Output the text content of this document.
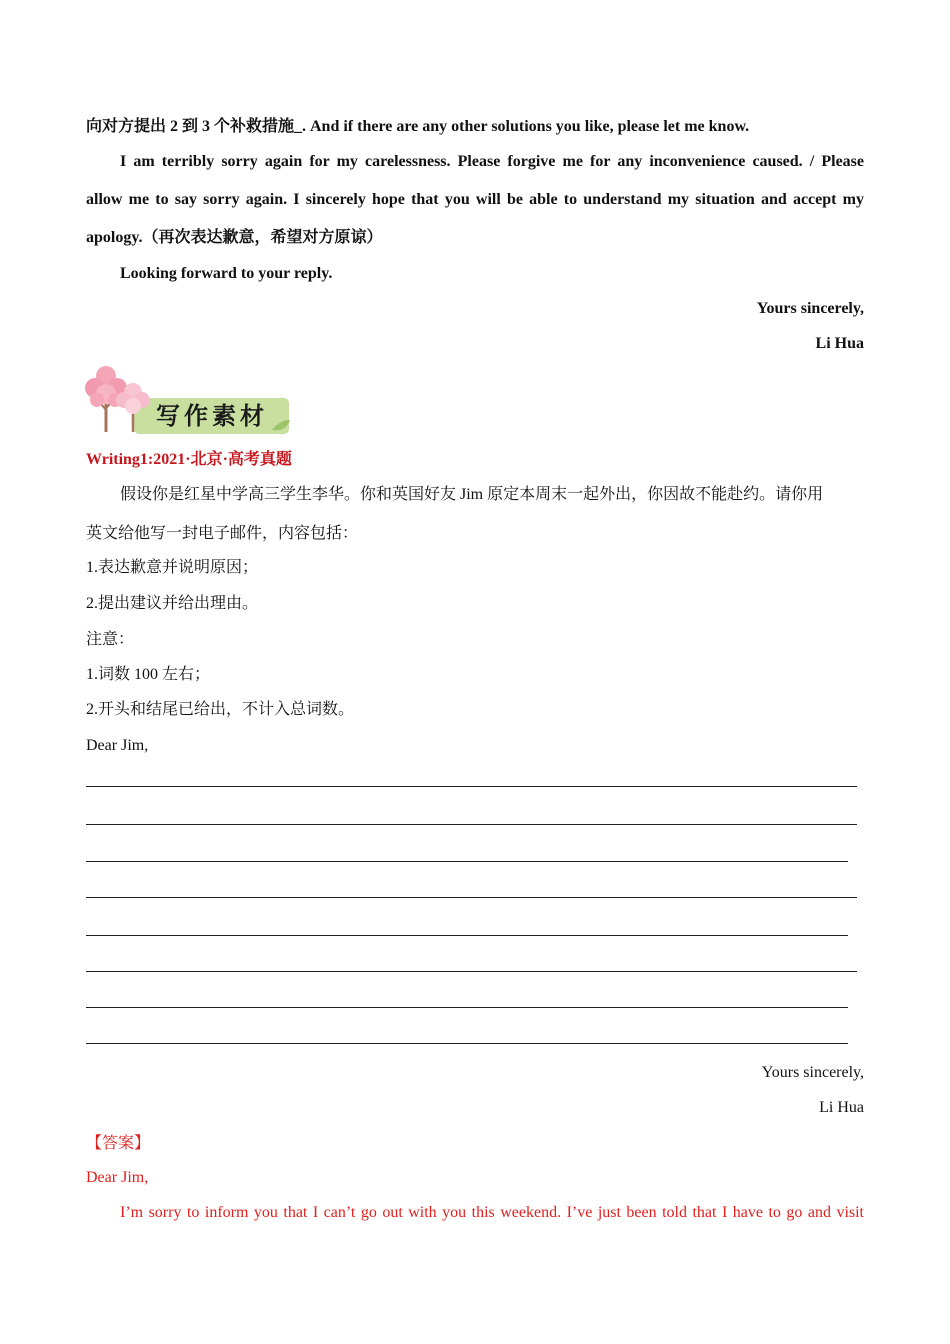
向对方提出 2 到 3 个补救措施_. And if there are any other solutions you like, please let me know.
I am terribly sorry again for my carelessness. Please forgive me for any inconvenience caused. / Please
allow me to say sorry again. I sincerely hope that you will be able to understand my situation and accept my
apology.（再次表达歉意，希望对方原谅）
Looking forward to your reply.
Yours sincerely,
Li Hua
写作素材
Writing1:2021·北京·高考真题
假设你是红星中学高三学生李华。你和英国好友 Jim 原定本周末一起外出，你因故不能赴约。请你用
英文给他写一封电子邮件，内容包括：
1.表达歉意并说明原因；
2.提出建议并给出理由。
注意：
1.词数 100 左右；
2.开头和结尾已给出，不计入总词数。
Dear Jim,
Yours sincerely,
Li Hua
【答案】
Dear Jim,
I’m sorry to inform you that I can’t go out with you this weekend. I’ve just been told that I have to go and visit
